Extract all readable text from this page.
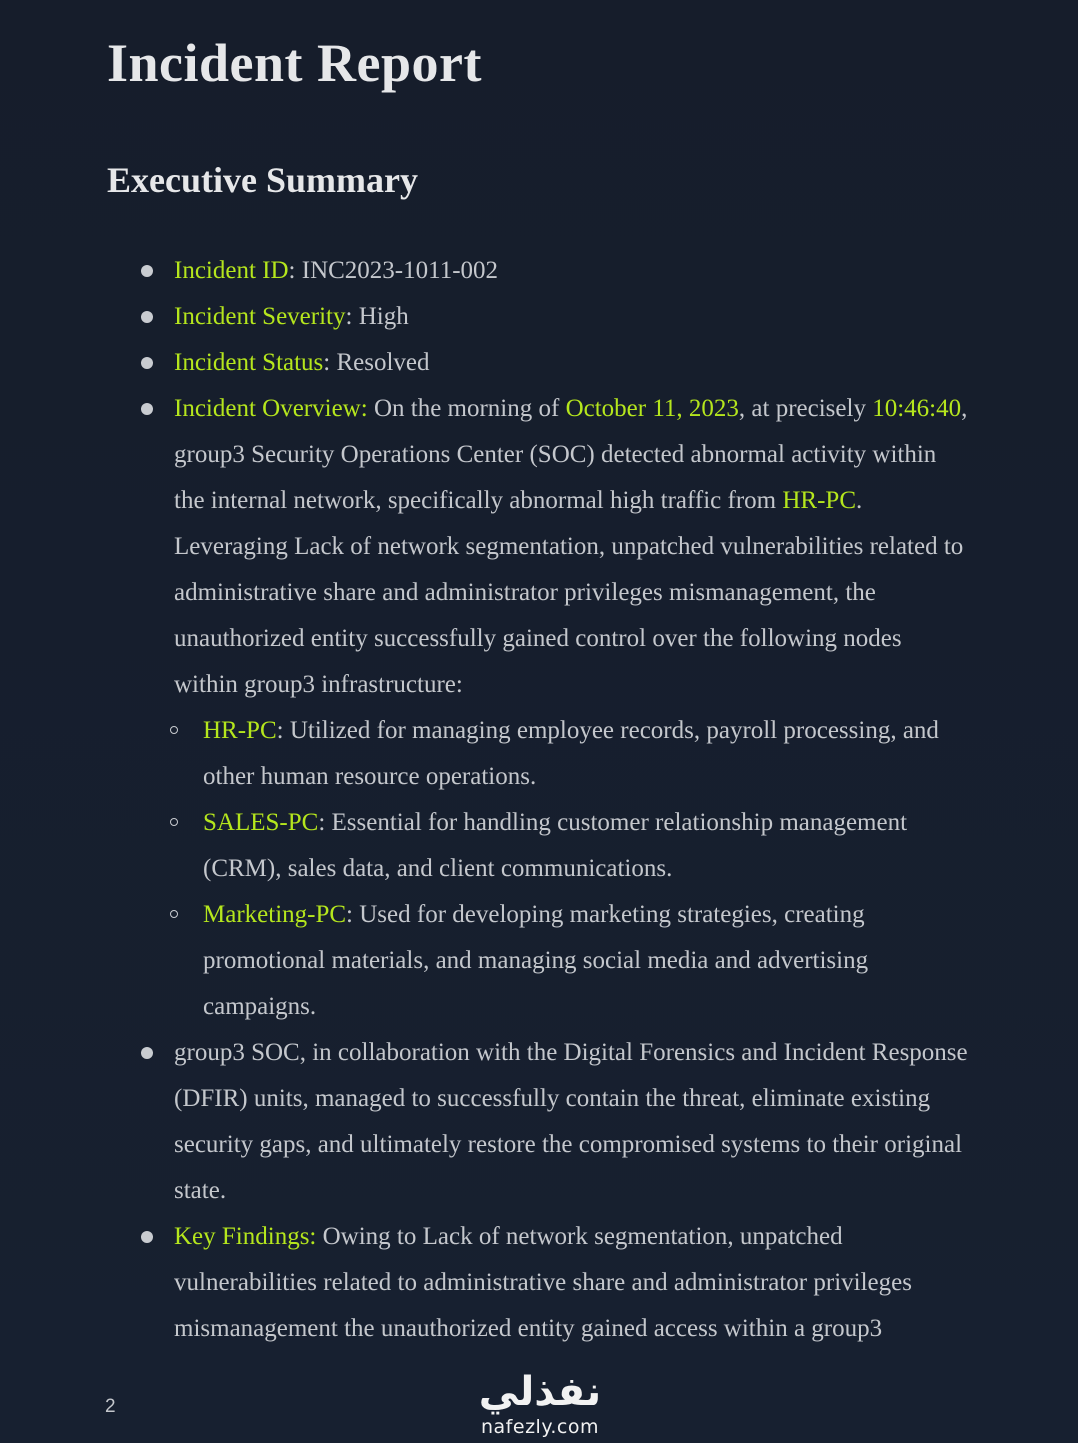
Incident Report
Executive Summary
Incident ID: INC2023-1011-002
Incident Severity: High
Incident Status: Resolved
Incident Overview: On the morning of October 11, 2023, at precisely 10:46:40, group3 Security Operations Center (SOC) detected abnormal activity within the internal network, specifically abnormal high traffic from HR-PC. Leveraging Lack of network segmentation, unpatched vulnerabilities related to administrative share and administrator privileges mismanagement, the unauthorized entity successfully gained control over the following nodes within group3 infrastructure:
HR-PC: Utilized for managing employee records, payroll processing, and other human resource operations.
SALES-PC: Essential for handling customer relationship management (CRM), sales data, and client communications.
Marketing-PC: Used for developing marketing strategies, creating promotional materials, and managing social media and advertising campaigns.
group3 SOC, in collaboration with the Digital Forensics and Incident Response (DFIR) units, managed to successfully contain the threat, eliminate existing security gaps, and ultimately restore the compromised systems to their original state.
Key Findings: Owing to Lack of network segmentation, unpatched vulnerabilities related to administrative share and administrator privileges mismanagement the unauthorized entity gained access within a group3
2	نفذلي
nafezly.com
